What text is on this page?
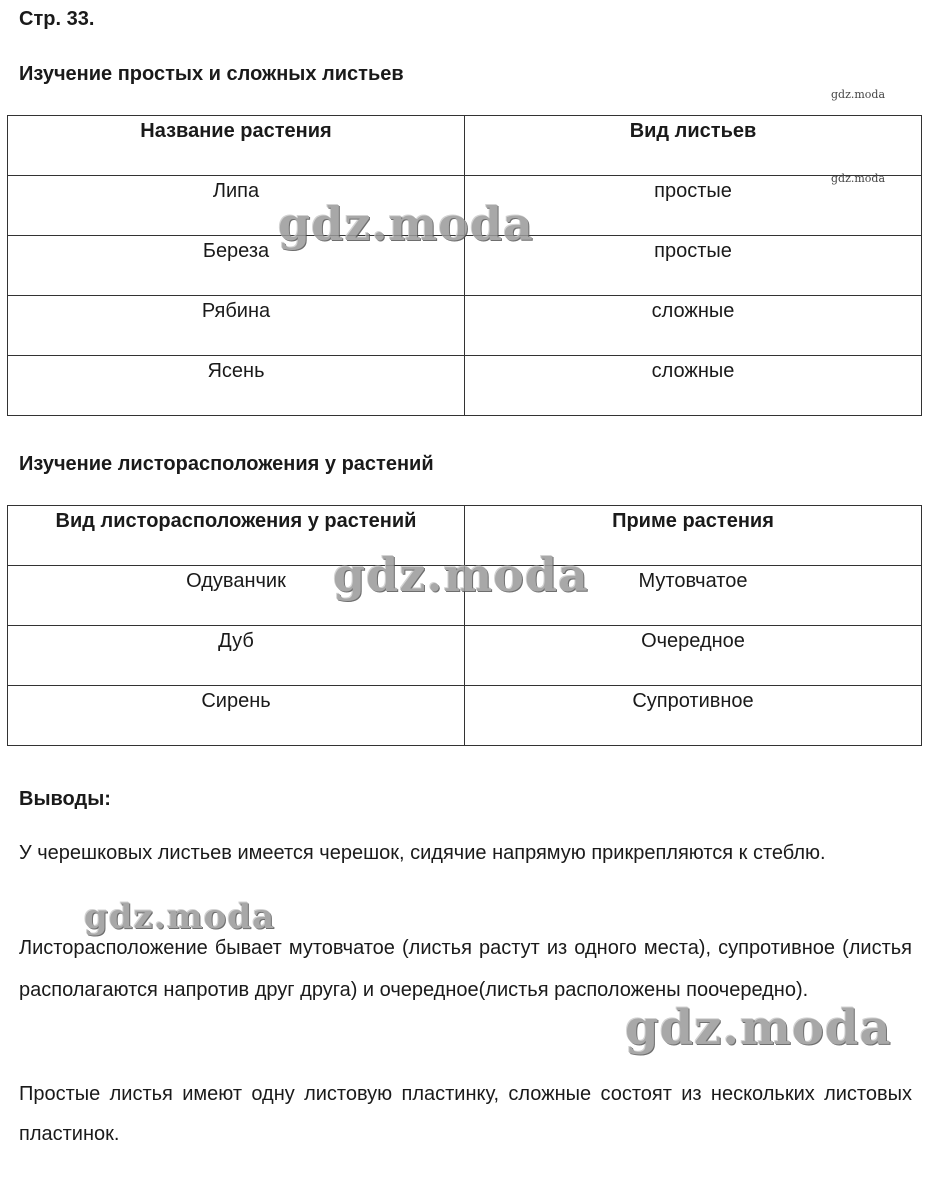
Стр. 33.
Изучение простых и сложных листьев
Название растения	Вид листьев
Липа	простые
Береза	простые
Рябина	сложные
Ясень	сложные
Изучение листорасположения у растений
Вид листорасположения у растений	Приме растения
Одуванчик	Мутовчатое
Дуб	Очередное
Сирень	Супротивное
Выводы:
У черешковых листьев имеется черешок, сидячие напрямую прикрепляются к стеблю.
Листорасположение бывает мутовчатое (листья растут из одного места), супротивное (листья располагаются напротив друг друга) и очередное(листья расположены поочередно).
Простые листья имеют одну листовую пластинку, сложные состоят из нескольких листовых пластинок.
gdz.moda
gdz.moda
gdz.moda
gdz.moda
gdz.moda
gdz.moda
